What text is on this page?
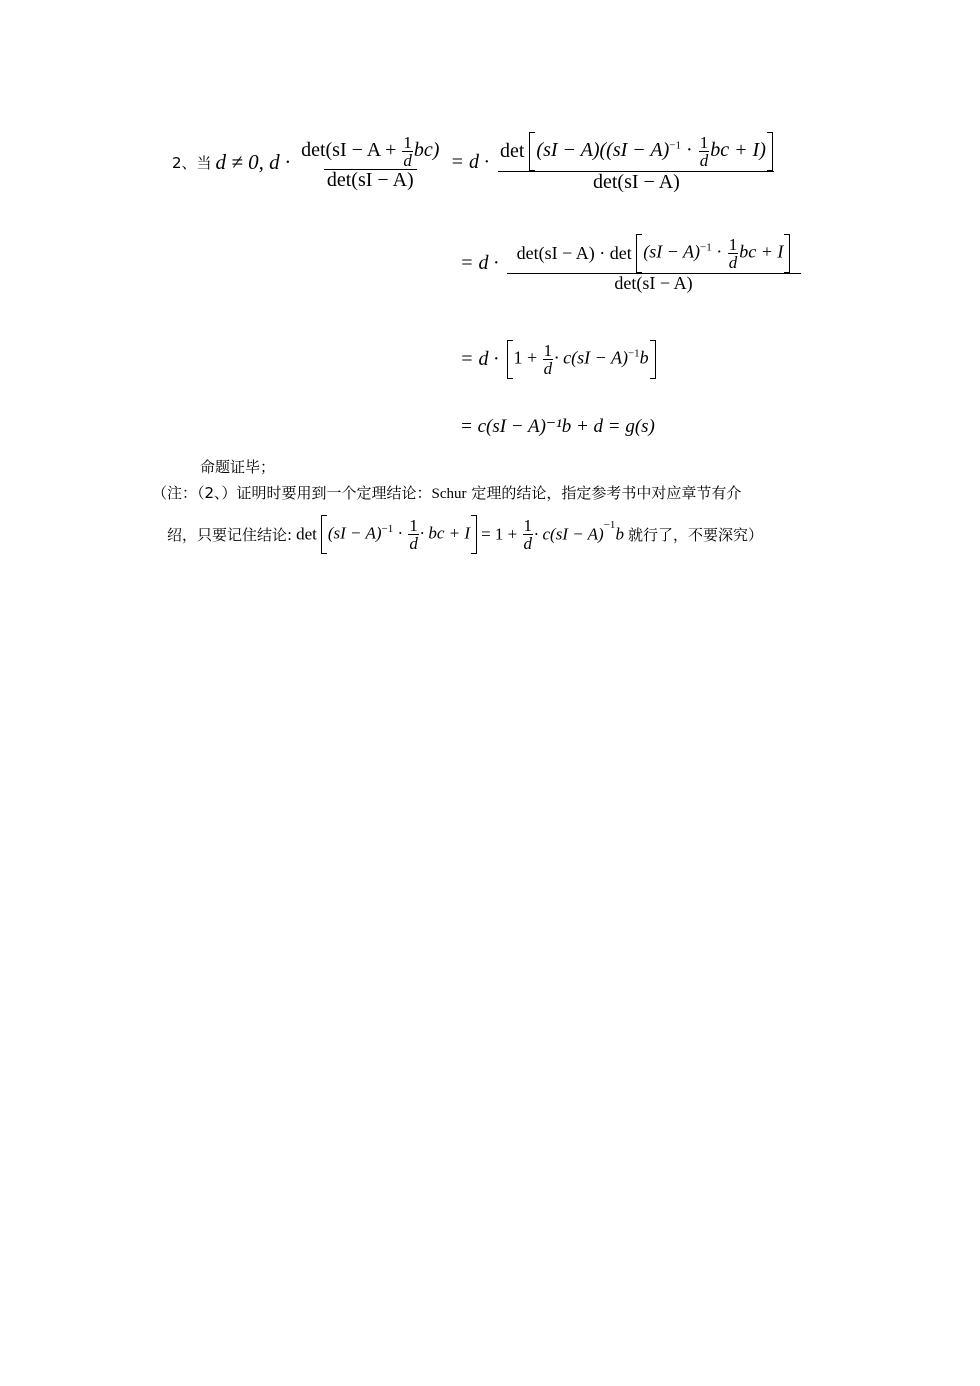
2、当 d ≠ 0, $d \cdot \frac{\det(sI - A + \frac{1}{d} bc)}{\det(sI - A)} = d \cdot \frac{\det (sI - A)((sI - A)^{-1} \cdot \frac{1}{d} bc + I)}{\det(sI - A)}$
= $d \cdot \frac{\det(sI - A) \cdot \det (sI - A)^{-1} \cdot \frac{1}{d} bc + I}{\det(sI - A)}$
= $d \cdot 1 + \frac{1}{d} \cdot c(sI - A)^{-1}b$
= c(sI − A)⁻¹b + d = g(s)
命题证毕；
（注：（2、）证明时要用到一个定理结论：Schur 定理的结论，指定参考书中对应章节有介
绍，只要记住结论: $\det (sI - A)^{-1} \cdot \frac{1}{d}$ · bc + $I = 1 + \frac{1}{d} \cdot c(sI - A)^{-1}b$ 就行了，不要深究）
